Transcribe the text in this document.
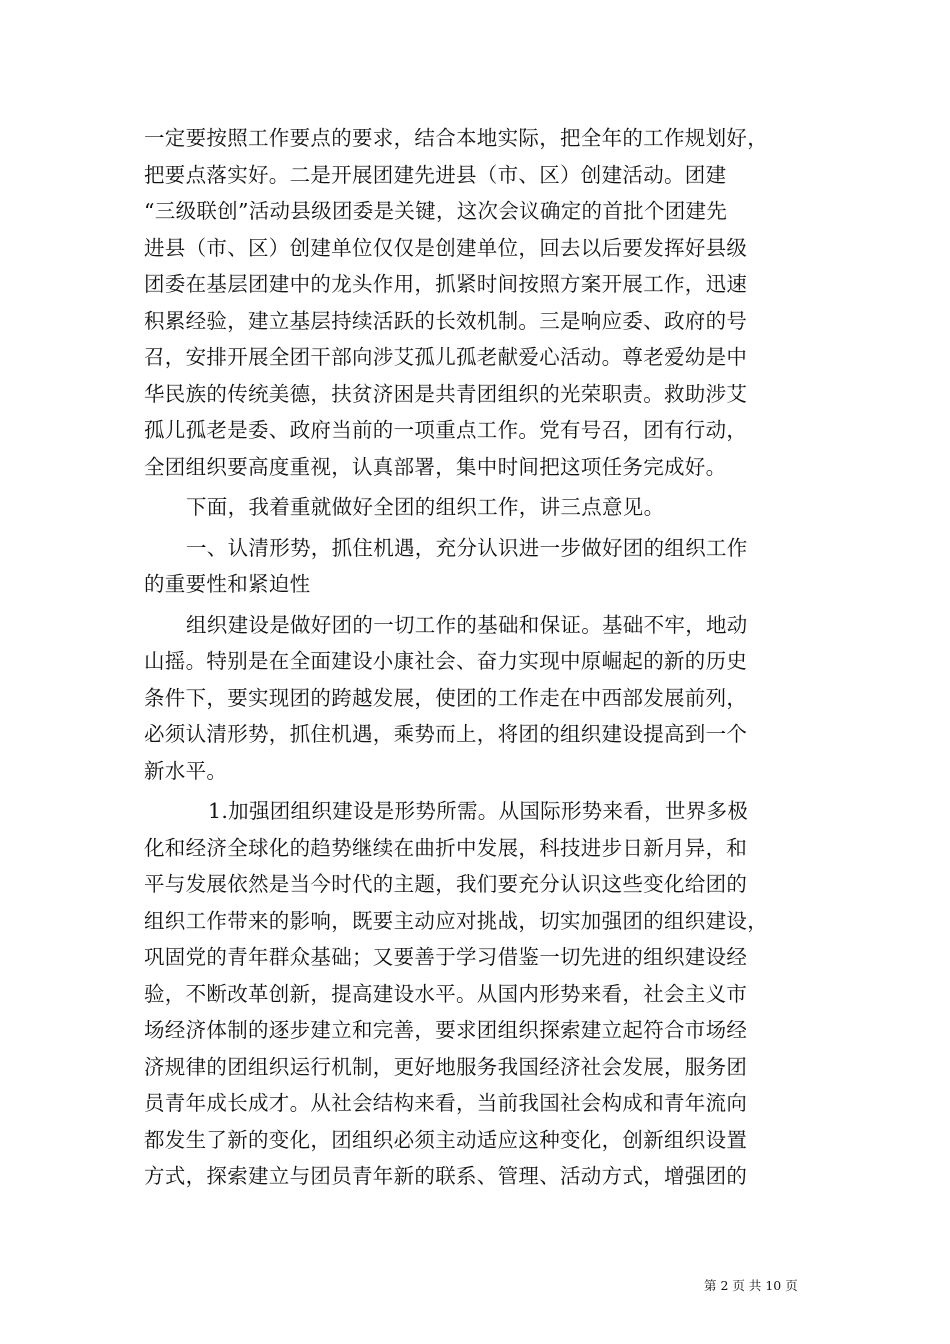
一定要按照工作要点的要求，结合本地实际，把全年的工作规划好，
把要点落实好。二是开展团建先进县（市、区）创建活动。团建
“三级联创”活动县级团委是关键，这次会议确定的首批个团建先
进县（市、区）创建单位仅仅是创建单位，回去以后要发挥好县级
团委在基层团建中的龙头作用，抓紧时间按照方案开展工作，迅速
积累经验，建立基层持续活跃的长效机制。三是响应委、政府的号
召，安排开展全团干部向涉艾孤儿孤老献爱心活动。尊老爱幼是中
华民族的传统美德，扶贫济困是共青团组织的光荣职责。救助涉艾
孤儿孤老是委、政府当前的一项重点工作。党有号召，团有行动，
全团组织要高度重视，认真部署，集中时间把这项任务完成好。
下面，我着重就做好全团的组织工作，讲三点意见。
一、认清形势，抓住机遇，充分认识进一步做好团的组织工作
的重要性和紧迫性
组织建设是做好团的一切工作的基础和保证。基础不牢，地动
山摇。特别是在全面建设小康社会、奋力实现中原崛起的新的历史
条件下，要实现团的跨越发展，使团的工作走在中西部发展前列，
必须认清形势，抓住机遇，乘势而上，将团的组织建设提高到一个
新水平。
1.加强团组织建设是形势所需。从国际形势来看，世界多极
化和经济全球化的趋势继续在曲折中发展，科技进步日新月异，和
平与发展依然是当今时代的主题，我们要充分认识这些变化给团的
组织工作带来的影响，既要主动应对挑战，切实加强团的组织建设，
巩固党的青年群众基础；又要善于学习借鉴一切先进的组织建设经
验，不断改革创新，提高建设水平。从国内形势来看，社会主义市
场经济体制的逐步建立和完善，要求团组织探索建立起符合市场经
济规律的团组织运行机制，更好地服务我国经济社会发展，服务团
员青年成长成才。从社会结构来看，当前我国社会构成和青年流向
都发生了新的变化，团组织必须主动适应这种变化，创新组织设置
方式，探索建立与团员青年新的联系、管理、活动方式，增强团的
第 2 页 共 10 页
